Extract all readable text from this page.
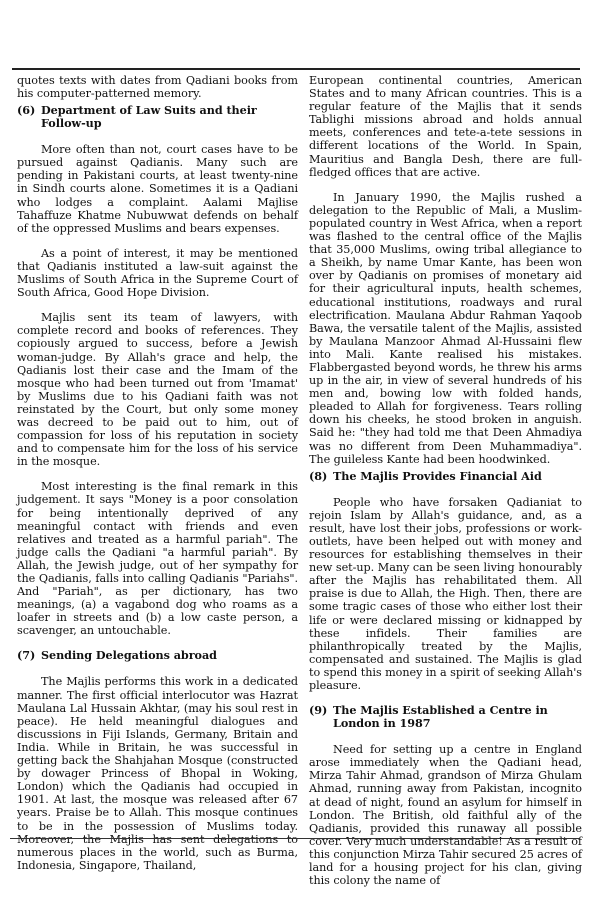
quotes texts with dates from Qadiani books from his computer-patterned memory.

(6) Department of Law Suits and their Follow-up

More often than not, court cases have to be pursued against Qadianis. Many such are pending in Pakistani courts, at least twenty-nine in Sindh courts alone. Sometimes it is a Qadiani who lodges a complaint. Aalami Majlise Tahaffuze Khatme Nubuwwat defends on behalf of the oppressed Muslims and bears expenses.

As a point of interest, it may be mentioned that Qadianis instituted a law-suit against the Muslims of South Africa in the Supreme Court of South Africa, Good Hope Division.

Majlis sent its team of lawyers, with complete record and books of references. They copiously argued to success, before a Jewish woman-judge. By Allah's grace and help, the Qadianis lost their case and the Imam of the mosque who had been turned out from 'Imamat' by Muslims due to his Qadiani faith was not reinstated by the Court, but only some money was decreed to be paid out to him, out of compassion for loss of his reputation in society and to compensate him for the loss of his service in the mosque.

Most interesting is the final remark in this judgement. It says "Money is a poor consolation for being intentionally deprived of any meaningful contact with friends and even relatives and treated as a harmful pariah". The judge calls the Qadiani "a harmful pariah". By Allah, the Jewish judge, out of her sympathy for the Qadianis, falls into calling Qadianis "Pariahs". And "Pariah", as per dictionary, has two meanings, (a) a vagabond dog who roams as a loafer in streets and (b) a low caste person, a scavenger, an untouchable.

(7) Sending Delegations abroad

The Majlis performs this work in a dedicated manner. The first official interlocutor was Hazrat Maulana Lal Hussain Akhtar, (may his soul rest in peace). He held meaningful dialogues and discussions in Fiji Islands, Germany, Britain and India. While in Britain, he was successful in getting back the Shahjahan Mosque (constructed by dowager Princess of Bhopal in Woking, London) which the Qadianis had occupied in 1901. At last, the mosque was released after 67 years. Praise be to Allah. This mosque continues to be in the possession of Muslims today. Moreover, the Majlis has sent delegations to numerous places in the world, such as Burma, Indonesia, Singapore, Thailand,

European continental countries, American States and to many African countries. This is a regular feature of the Majlis that it sends Tablighi missions abroad and holds annual meets, conferences and tete-a-tete sessions in different locations of the World. In Spain, Mauritius and Bangla Desh, there are full-fledged offices that are active.

In January 1990, the Majlis rushed a delegation to the Republic of Mali, a Muslim-populated country in West Africa, when a report was flashed to the central office of the Majlis that 35,000 Muslims, owing tribal allegiance to a Sheikh, by name Umar Kante, has been won over by Qadianis on promises of monetary aid for their agricultural inputs, health schemes, educational institutions, roadways and rural electrification. Maulana Abdur Rahman Yaqoob Bawa, the versatile talent of the Majlis, assisted by Maulana Manzoor Ahmad Al-Hussaini flew into Mali. Kante realised his mistakes. Flabbergasted beyond words, he threw his arms up in the air, in view of several hundreds of his men and, bowing low with folded hands, pleaded to Allah for forgiveness. Tears rolling down his cheeks, he stood broken in anguish. Said he: "they had told me that Deen Ahmadiya was no different from Deen Muhammadiya". The guileless Kante had been hoodwinked.

(8) The Majlis Provides Financial Aid

People who have forsaken Qadianiat to rejoin Islam by Allah's guidance, and, as a result, have lost their jobs, professions or work-outlets, have been helped out with money and resources for establishing themselves in their new set-up. Many can be seen living honourably after the Majlis has rehabilitated them. All praise is due to Allah, the High. Then, there are some tragic cases of those who either lost their life or were declared missing or kidnapped by these infidels. Their families are philanthropically treated by the Majlis, compensated and sustained. The Majlis is glad to spend this money in a spirit of seeking Allah's pleasure.

(9) The Majlis Established a Centre in London in 1987

Need for setting up a centre in England arose immediately when the Qadiani head, Mirza Tahir Ahmad, grandson of Mirza Ghulam Ahmad, running away from Pakistan, incognito at dead of night, found an asylum for himself in London. The British, old faithful ally of the Qadianis, provided this runaway all possible cover. Very much understandable! As a result of this conjunction Mirza Tahir secured 25 acres of land for a housing project for his clan, giving this colony the name of
